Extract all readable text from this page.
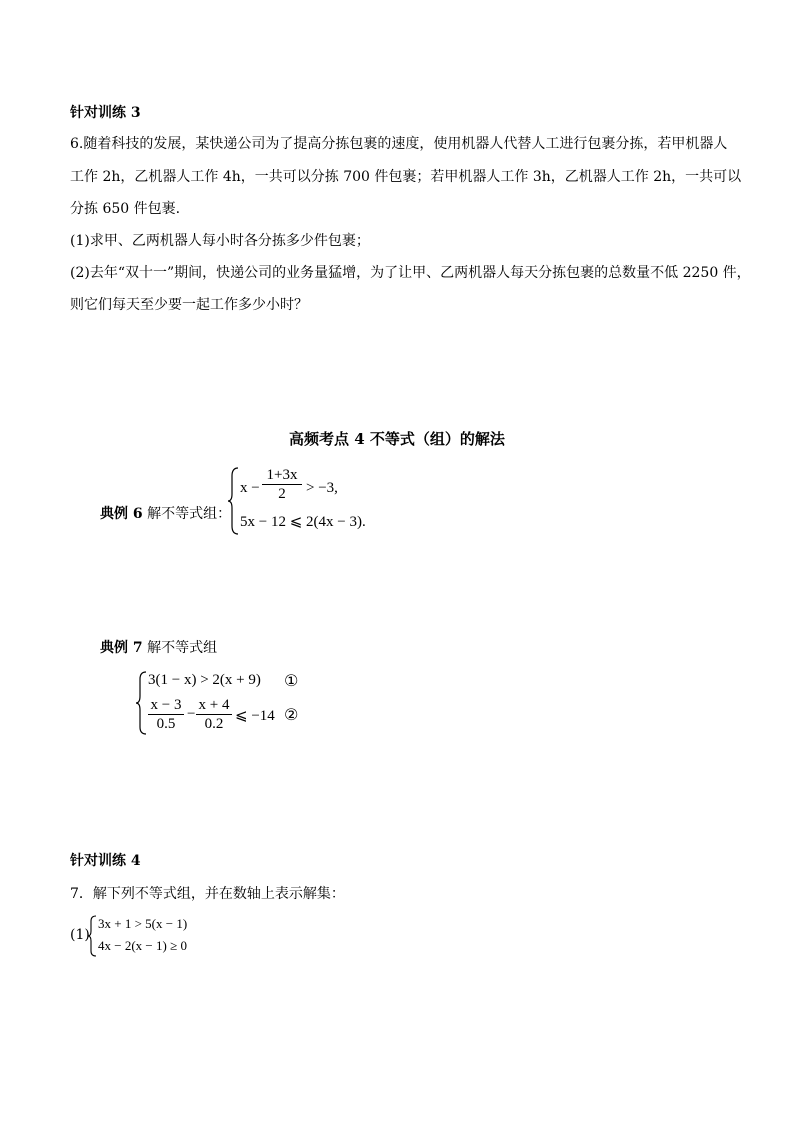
针对训练 3
6.随着科技的发展，某快递公司为了提高分拣包裹的速度，使用机器人代替人工进行包裹分拣，若甲机器人
工作 2h，乙机器人工作 4h，一共可以分拣 700 件包裹；若甲机器人工作 3h，乙机器人工作 2h，一共可以
分拣 650 件包裹.
(1)求甲、乙两机器人每小时各分拣多少件包裹；
(2)去年“双十一”期间，快递公司的业务量猛增，为了让甲、乙两机器人每天分拣包裹的总数量不低 2250 件，
则它们每天至少要一起工作多少小时？
高频考点 4 不等式（组）的解法
典例 6 解不等式组：
x −
1+3x
2	> −3,
5x − 12 ⩽ 2(4x − 3).
典例 7 解不等式组
3(1 − x) > 2(x + 9)
x − 3
0.5
−
x + 4
0.2 ⩽ −14
①
②
针对训练 4
7．解下列不等式组，并在数轴上表示解集：
(1)
3x + 1 > 5(x − 1)
4x − 2(x − 1) ≥ 0
